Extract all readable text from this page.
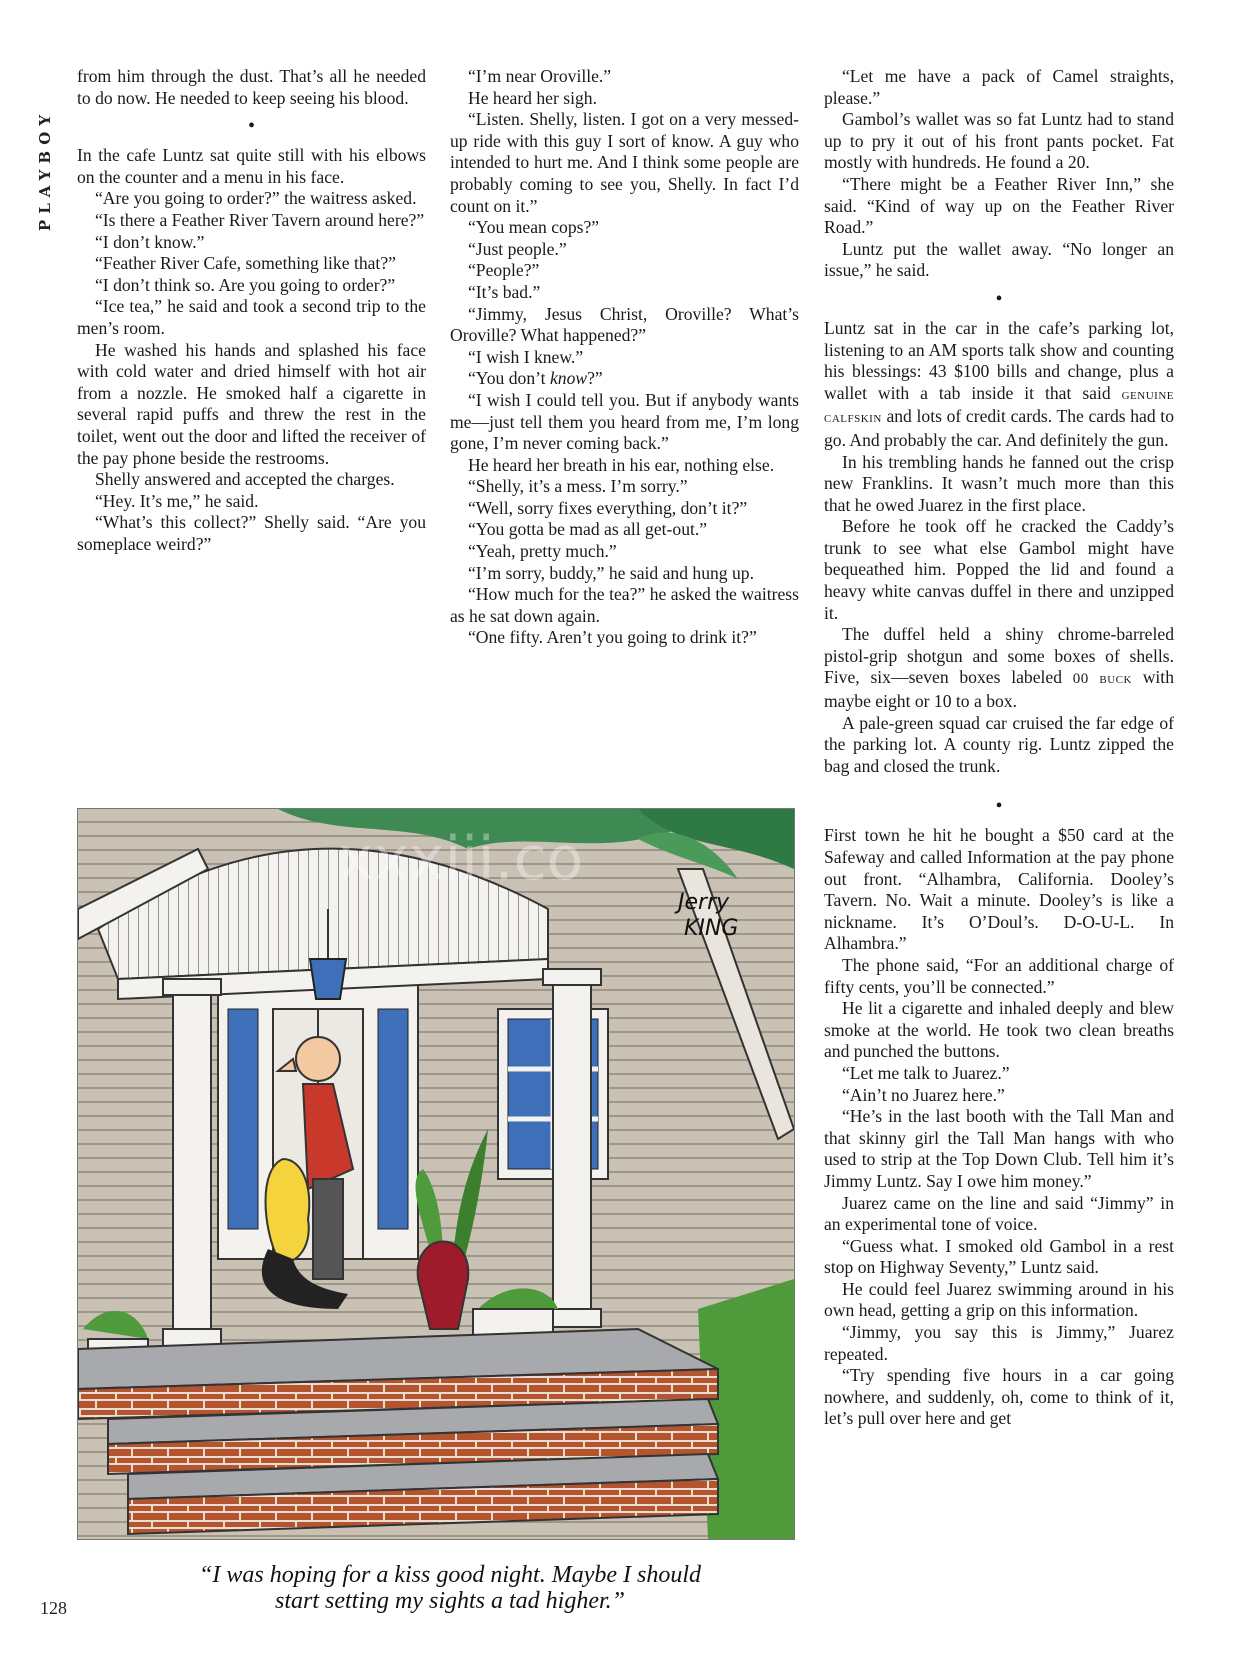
PLAYBOY

from him through the dust. That’s all he needed to do now. He needed to keep seeing his blood.

•

In the cafe Luntz sat quite still with his elbows on the counter and a menu in his face.

“Are you going to order?” the waitress asked.

“Is there a Feather River Tavern around here?”

“I don’t know.”

“Feather River Cafe, something like that?”

“I don’t think so. Are you going to order?”

“Ice tea,” he said and took a second trip to the men’s room.

He washed his hands and splashed his face with cold water and dried himself with hot air from a nozzle. He smoked half a cigarette in several rapid puffs and threw the rest in the toilet, went out the door and lifted the receiver of the pay phone beside the restrooms.

Shelly answered and accepted the charges.

“Hey. It’s me,” he said.

“What’s this collect?” Shelly said. “Are you someplace weird?”

“I’m near Oroville.”

He heard her sigh.

“Listen. Shelly, listen. I got on a very messed-up ride with this guy I sort of know. A guy who intended to hurt me. And I think some people are probably coming to see you, Shelly. In fact I’d count on it.”

“You mean cops?”

“Just people.”

“People?”

“It’s bad.”

“Jimmy, Jesus Christ, Oroville? What’s Oroville? What happened?”

“I wish I knew.”

“You don’t know?”

“I wish I could tell you. But if anybody wants me—just tell them you heard from me, I’m long gone, I’m never coming back.”

He heard her breath in his ear, nothing else.

“Shelly, it’s a mess. I’m sorry.”

“Well, sorry fixes everything, don’t it?”

“You gotta be mad as all get-out.”

“Yeah, pretty much.”

“I’m sorry, buddy,” he said and hung up.

“How much for the tea?” he asked the waitress as he sat down again.

“One fifty. Aren’t you going to drink it?”

“Let me have a pack of Camel straights, please.”

Gambol’s wallet was so fat Luntz had to stand up to pry it out of his front pants pocket. Fat mostly with hundreds. He found a 20.

“There might be a Feather River Inn,” she said. “Kind of way up on the Feather River Road.”

Luntz put the wallet away. “No longer an issue,” he said.

•

Luntz sat in the car in the cafe’s parking lot, listening to an AM sports talk show and counting his blessings: 43 $100 bills and change, plus a wallet with a tab inside it that said genuine calfskin and lots of credit cards. The cards had to go. And probably the car. And definitely the gun.

In his trembling hands he fanned out the crisp new Franklins. It wasn’t much more than this that he owed Juarez in the first place.

Before he took off he cracked the Caddy’s trunk to see what else Gambol might have bequeathed him. Popped the lid and found a heavy white canvas duffel in there and unzipped it.

The duffel held a shiny chrome-barreled pistol-grip shotgun and some boxes of shells. Five, six—seven boxes labeled 00 buck with maybe eight or 10 to a box.

A pale-green squad car cruised the far edge of the parking lot. A county rig. Luntz zipped the bag and closed the trunk.

•

First town he hit he bought a $50 card at the Safeway and called Information at the pay phone out front. “Alhambra, California. Dooley’s Tavern. No. Wait a minute. Dooley’s is like a nickname. It’s O’Doul’s. D-O-U-L. In Alhambra.”

The phone said, “For an additional charge of fifty cents, you’ll be connected.”

He lit a cigarette and inhaled deeply and blew smoke at the world. He took two clean breaths and punched the buttons.

“Let me talk to Juarez.”

“Ain’t no Juarez here.”

“He’s in the last booth with the Tall Man and that skinny girl the Tall Man hangs with who used to strip at the Top Down Club. Tell him it’s Jimmy Luntz. Say I owe him money.”

Juarez came on the line and said “Jimmy” in an experimental tone of voice.

“Guess what. I smoked old Gambol in a rest stop on Highway Seventy,” Luntz said.

He could feel Juarez swimming around in his own head, getting a grip on this information.

“Jimmy, you say this is Jimmy,” Juarez repeated.

“Try spending five hours in a car going nowhere, and suddenly, oh, come to think of it, let’s pull over here and get

Jerry
KING
xxxiii.co
“I was hoping for a kiss good night. Maybe I should
start setting my sights a tad higher.”
128
